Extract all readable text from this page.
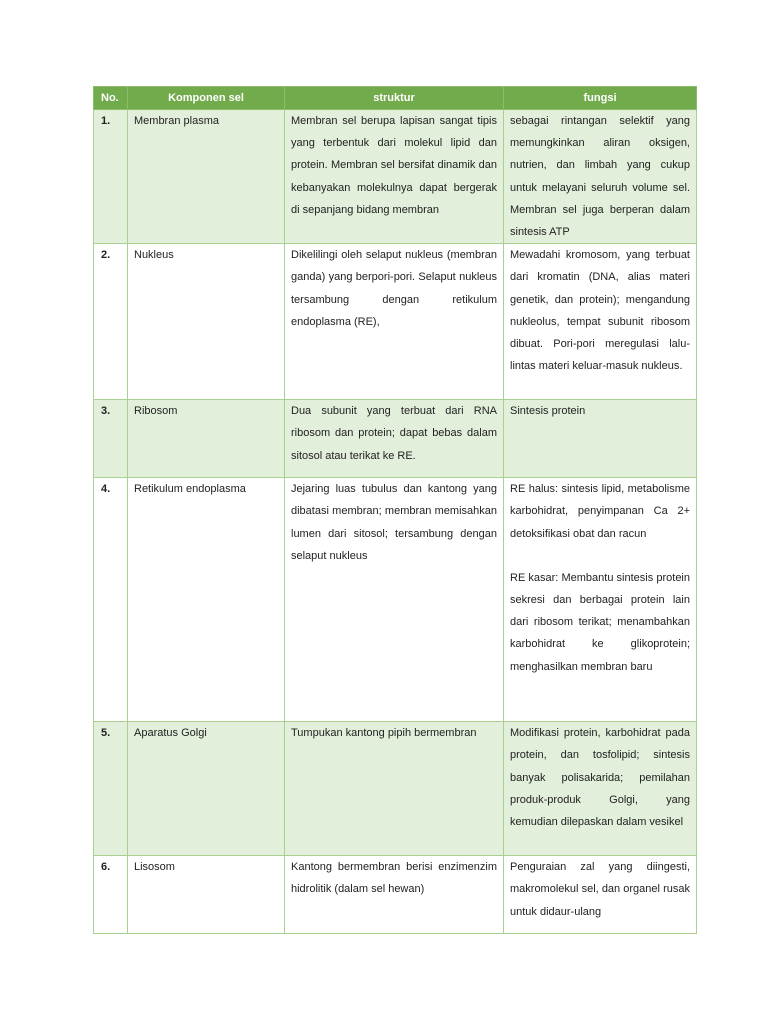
No.	Komponen sel	struktur	fungsi
1.	Membran plasma	Membran sel berupa lapisan sangat tipis yang terbentuk dari molekul lipid dan protein. Membran sel bersifat dinamik dan kebanyakan molekulnya dapat bergerak di sepanjang bidang membran	sebagai rintangan selektif yang memungkinkan aliran oksigen, nutrien, dan limbah yang cukup untuk melayani seluruh volume sel. Membran sel juga berperan dalam sintesis ATP

2.	Nukleus	Dikelilingi oleh selaput nukleus (membran ganda) yang berpori-pori. Selaput nukleus tersambung dengan retikulum endoplasma (RE),	Mewadahi kromosom, yang terbuat dari kromatin (DNA, alias materi genetik, dan protein); mengandung nukleolus, tempat subunit ribosom dibuat. Pori-pori meregulasi lalu-lintas materi keluar-masuk nukleus.

3.	Ribosom	Dua subunit yang terbuat dari RNA ribosom dan protein; dapat bebas dalam sitosol atau terikat ke RE.	Sintesis protein

4.	Retikulum endoplasma	Jejaring luas tubulus dan kantong yang dibatasi membran; membran memisahkan lumen dari sitosol; tersambung dengan selaput nukleus	RE halus: sintesis lipid, metabolisme karbohidrat, penyimpanan Ca 2+ detoksifikasi obat dan racun
RE kasar: Membantu sintesis protein sekresi dan berbagai protein lain dari ribosom terikat; menambahkan karbohidrat ke glikoprotein; menghasilkan membran baru

5.	Aparatus Golgi	Tumpukan kantong pipih bermembran	Modifikasi protein, karbohidrat pada protein, dan tosfolipid; sintesis banyak polisakarida; pemilahan produk-produk Golgi, yang kemudian dilepaskan dalam vesikel

6.	Lisosom	Kantong bermembran berisi enzimenzim hidrolitik (dalam sel hewan)	Penguraian zal yang diingesti, makromolekul sel, dan organel rusak untuk didaur-ulang
